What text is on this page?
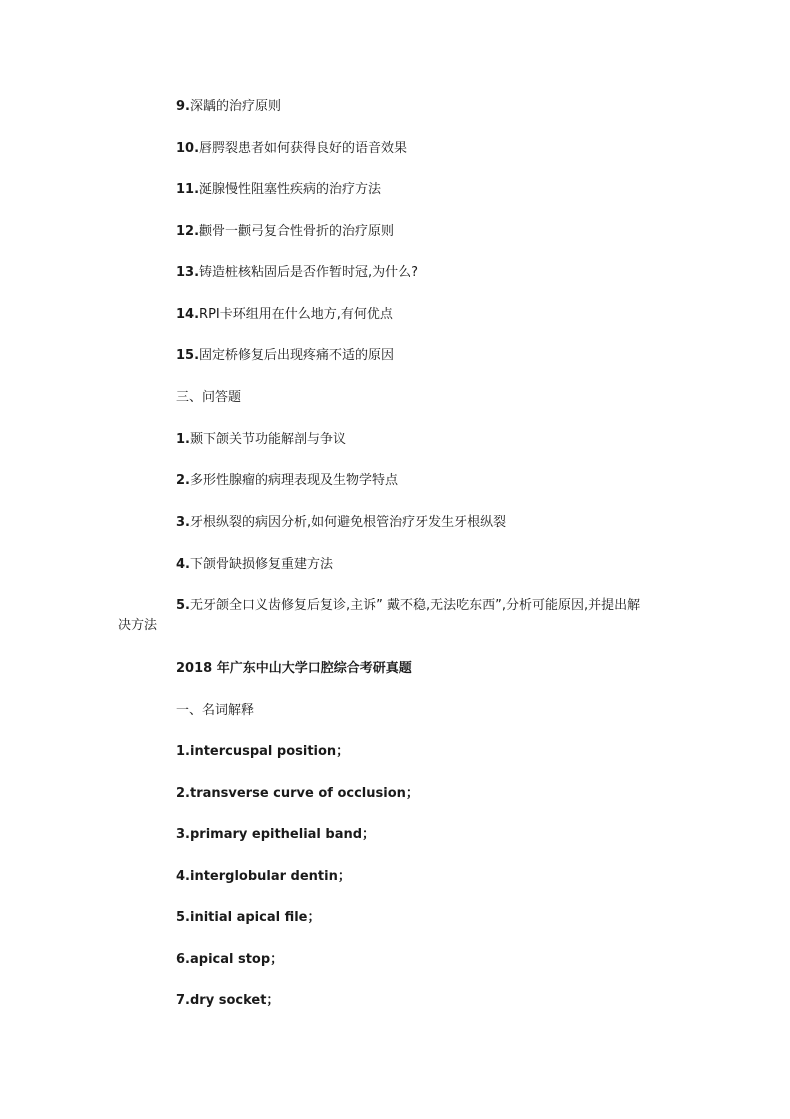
9.深龋的治疗原则
10.唇腭裂患者如何获得良好的语音效果
11.涎腺慢性阻塞性疾病的治疗方法
12.颧骨一颧弓复合性骨折的治疗原则
13.铸造桩核粘固后是否作暂时冠,为什么?
14.RPI卡环组用在什么地方,有何优点
15.固定桥修复后出现疼痛不适的原因
三、问答题
1.颞下颌关节功能解剖与争议
2.多形性腺瘤的病理表现及生物学特点
3.牙根纵裂的病因分析,如何避免根管治疗牙发生牙根纵裂
4.下颌骨缺损修复重建方法
5.无牙颌全口义齿修复后复诊,主诉” 戴不稳,无法吃东西”,分析可能原因,并提出解
决方法
2018 年广东中山大学口腔综合考研真题
一、名词解释
1.intercuspal position；
2.transverse curve of occlusion；
3.primary epithelial band；
4.interglobular dentin；
5.initial apical file；
6.apical stop；
7.dry socket；
